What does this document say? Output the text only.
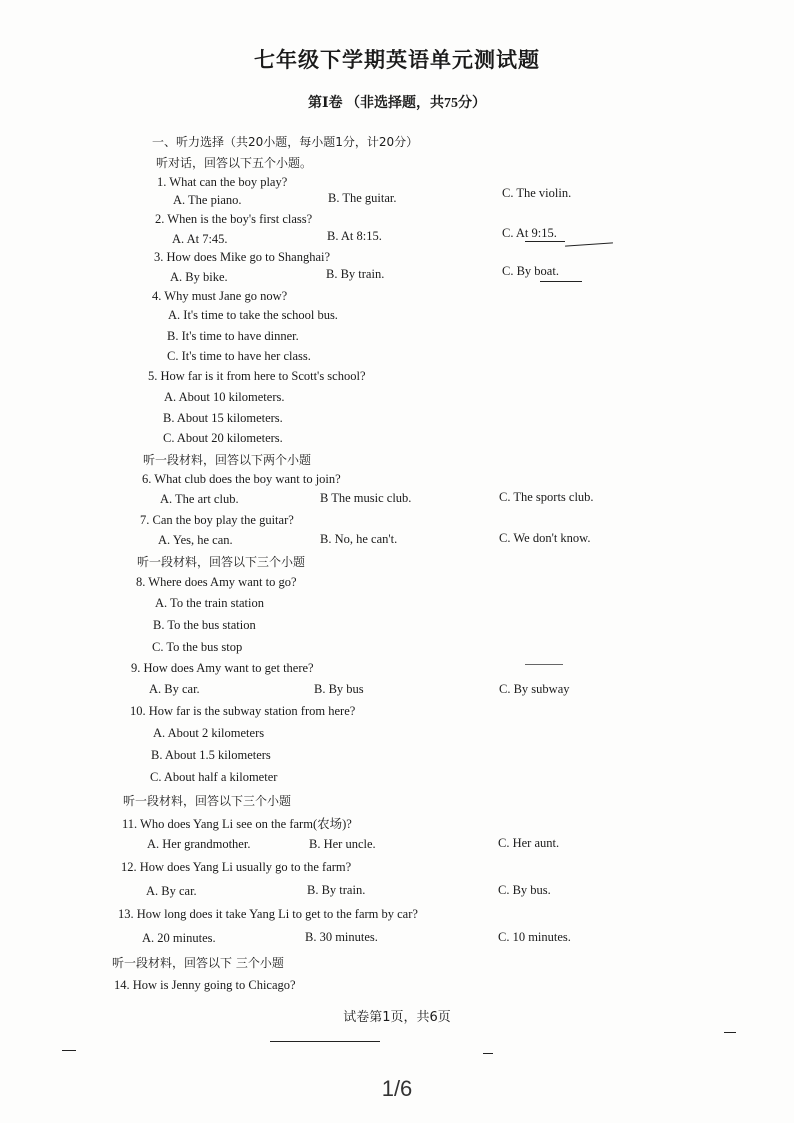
七年级下学期英语单元测试题
第Ⅰ卷 （非选择题，共75分）
一、听力选择（共20小题，每小题1分，计20分）
听对话，回答以下五个小题。
1. What can the boy play?
A. The piano.	B. The guitar.	C. The violin.
2. When is the boy's first class?
A. At 7:45.	B. At 8:15.	C. At 9:15.
3. How does Mike go to Shanghai?
A. By bike.	B. By train.	C. By boat.
4. Why must Jane go now?
A. It's time to take the school bus.
B. It's time to have dinner.
C. It's time to have her class.
5. How far is it from here to Scott's school?
A. About 10 kilometers.
B. About 15 kilometers.
C. About 20 kilometers.
听一段材料，回答以下两个小题
6. What club does the boy want to join?
A. The art club.	B The music club.	C. The sports club.
7. Can the boy play the guitar?
A. Yes, he can.	B. No, he can't.	C. We don't know.
听一段材料，回答以下三个小题
8. Where does Amy want to go?
A. To the train station
B. To the bus station
C. To the bus stop
9. How does Amy want to get there?
A. By car.	B. By bus	C. By subway
10. How far is the subway station from here?
A. About 2 kilometers
B. About 1.5 kilometers
C. About half a kilometer
听一段材料，回答以下三个小题
11. Who does Yang Li see on the farm(农场)?
A. Her grandmother.	B. Her uncle.	C. Her aunt.
12. How does Yang Li usually go to the farm?
A. By car.	B. By train.	C. By bus.
13. How long does it take Yang Li to get to the farm by car?
A. 20 minutes.	B. 30 minutes.	C. 10 minutes.
听一段材料，回答以下 三个小题
14. How is Jenny going to Chicago?
试卷第1页，共6页
1/6
